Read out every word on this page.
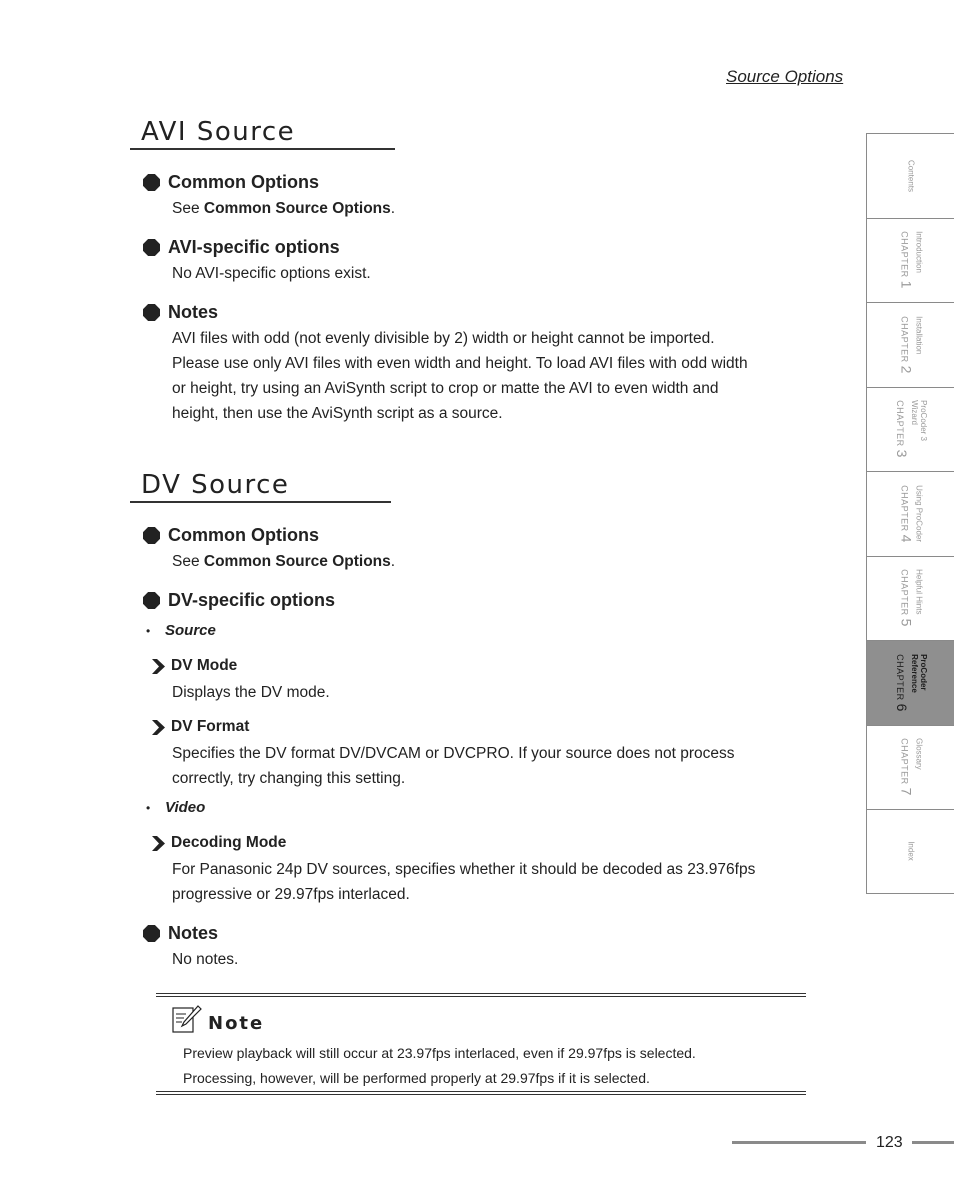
Source Options
AVI Source
Common Options
See Common Source Options.
AVI-specific options
No AVI-specific options exist.
Notes
AVI files with odd (not evenly divisible by 2) width or height cannot be imported.
Please use only AVI files with even width and height. To load AVI files with odd width
or height, try using an AviSynth script to crop or matte the AVI to even width and
height, then use the AviSynth script as a source.
DV Source
Common Options
See Common Source Options.
DV-specific options
• Source
DV Mode
Displays the DV mode.
DV Format
Specifies the DV format DV/DVCAM or DVCPRO. If your source does not process
correctly, try changing this setting.
• Video
Decoding Mode
For Panasonic 24p DV sources, specifies whether it should be decoded as 23.976fps
progressive or 29.97fps interlaced.
Notes
No notes.
Note
Preview playback will still occur at 23.97fps interlaced, even if 29.97fps is selected.
Processing, however, will be performed properly at 29.97fps if it is selected.
Contents
CHAPTER 1
Introduction
CHAPTER 2
Installation
CHAPTER 3
ProCoder 3 Wizard
CHAPTER 4 Using ProCoder
CHAPTER 5
Helpful Hints
CHAPTER 6
ProCoder Reference
CHAPTER 7
Glossary
Index
123
